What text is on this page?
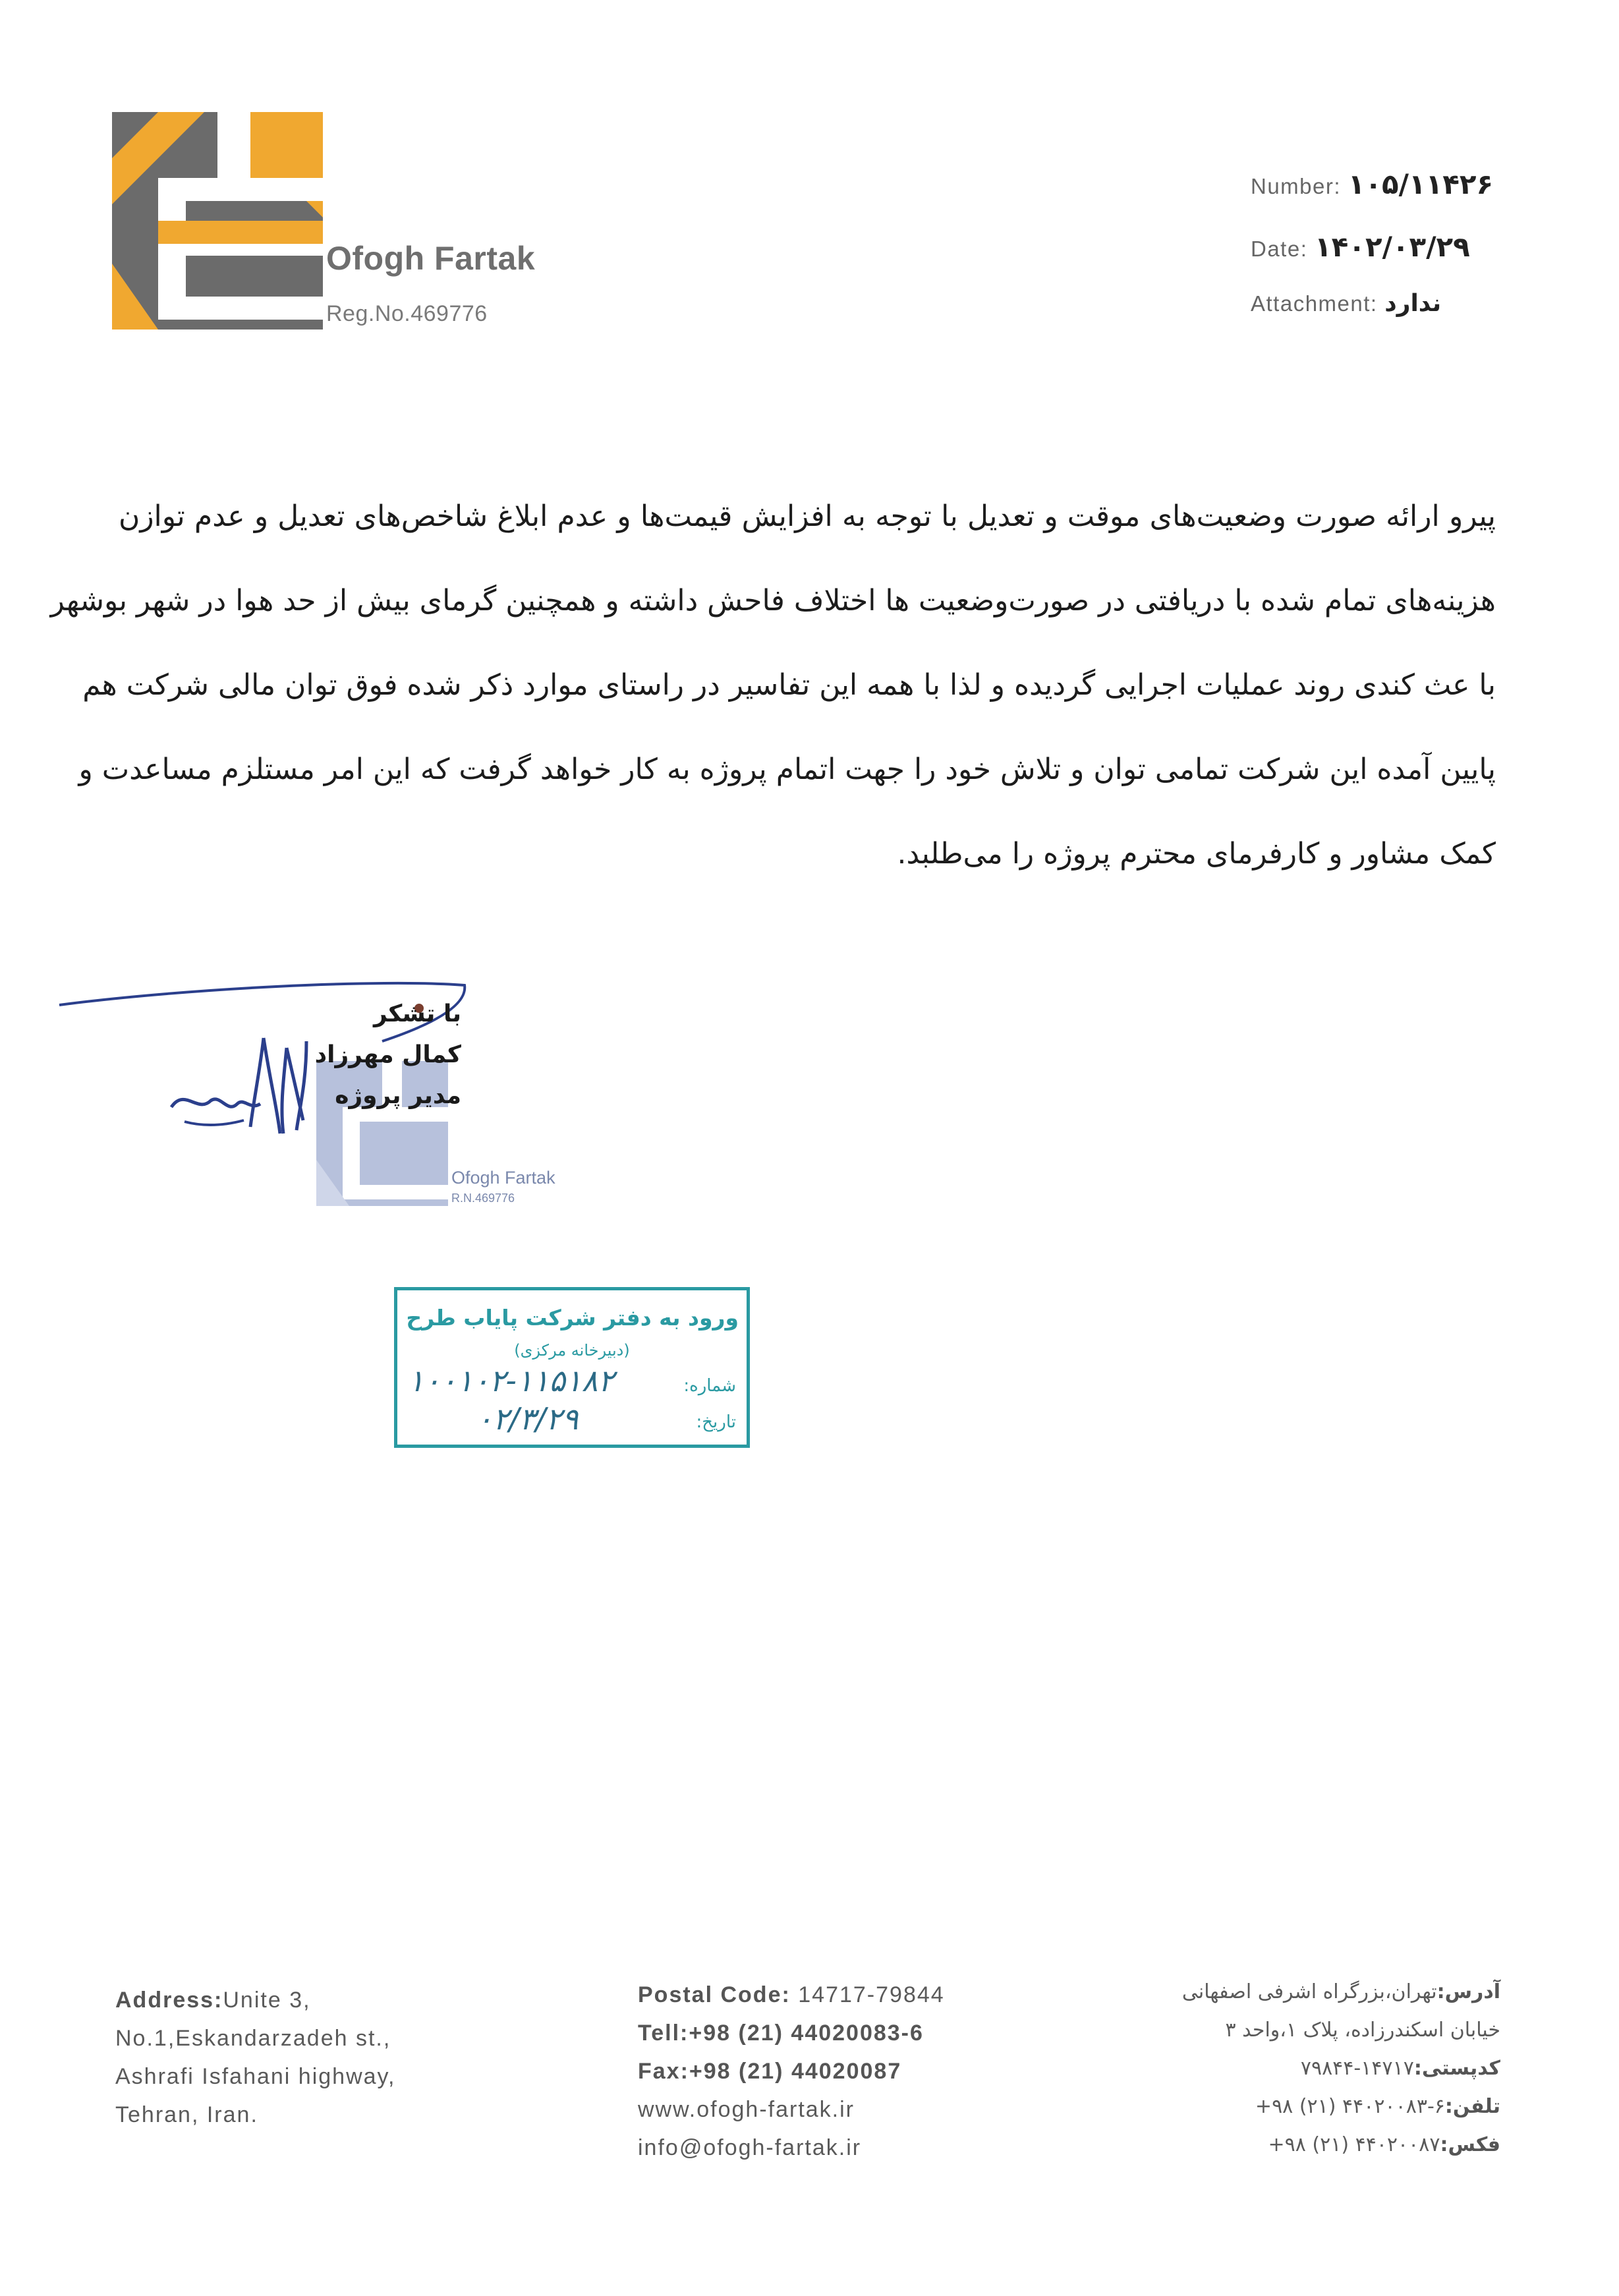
Ofogh Fartak
Reg.No.469776
Number: ۱۰۵/۱۱۴۲۶
Date: ۱۴۰۲/۰۳/۲۹
Attachment: ندارد
پیرو ارائه صورت وضعیت‌های موقت و تعدیل با توجه به افزایش قیمت‌ها و عدم ابلاغ شاخص‌های تعدیل و عدم توازن
هزینه‌های تمام شده با دریافتی در صورت‌وضعیت ها اختلاف فاحش داشته و همچنین گرمای بیش از حد هوا در شهر بوشهر
با عث کندی روند عملیات اجرایی گردیده و لذا با همه این تفاسیر در راستای موارد ذکر شده فوق توان مالی شرکت هم
پایین آمده این شرکت تمامی توان و تلاش خود را جهت اتمام پروژه به کار خواهد گرفت که این امر مستلزم مساعدت و
کمک مشاور و کارفرمای محترم پروژه را می‌طلبد.
Ofogh Fartak
R.N.469776
با تشکر
کمال مهرزاد
مدیر پروژه
ورود به دفتر شرکت پایاب طرح
(دبیرخانه مرکزی)
شماره:
۱۰۰۱۰۲-۱۱۵۱۸۲
تاریخ:
۰۲/۳/۲۹
Address:Unite 3,
No.1,Eskandarzadeh st.,
Ashrafi Isfahani highway,
Tehran, Iran.
Postal Code: 14717-79844
Tell:+98 (21) 44020083-6
Fax:+98 (21) 44020087
www.ofogh-fartak.ir
info@ofogh-fartak.ir
آدرس:تهران،بزرگراه اشرفی اصفهانی
خیابان اسکندرزاده، پلاک ۱،واحد ۳
کدپستی:۱۴۷۱۷-۷۹۸۴۴
تلفن:۶-۴۴۰۲۰۰۸۳ (۲۱) ۹۸+
فکس:۴۴۰۲۰۰۸۷ (۲۱) ۹۸+
